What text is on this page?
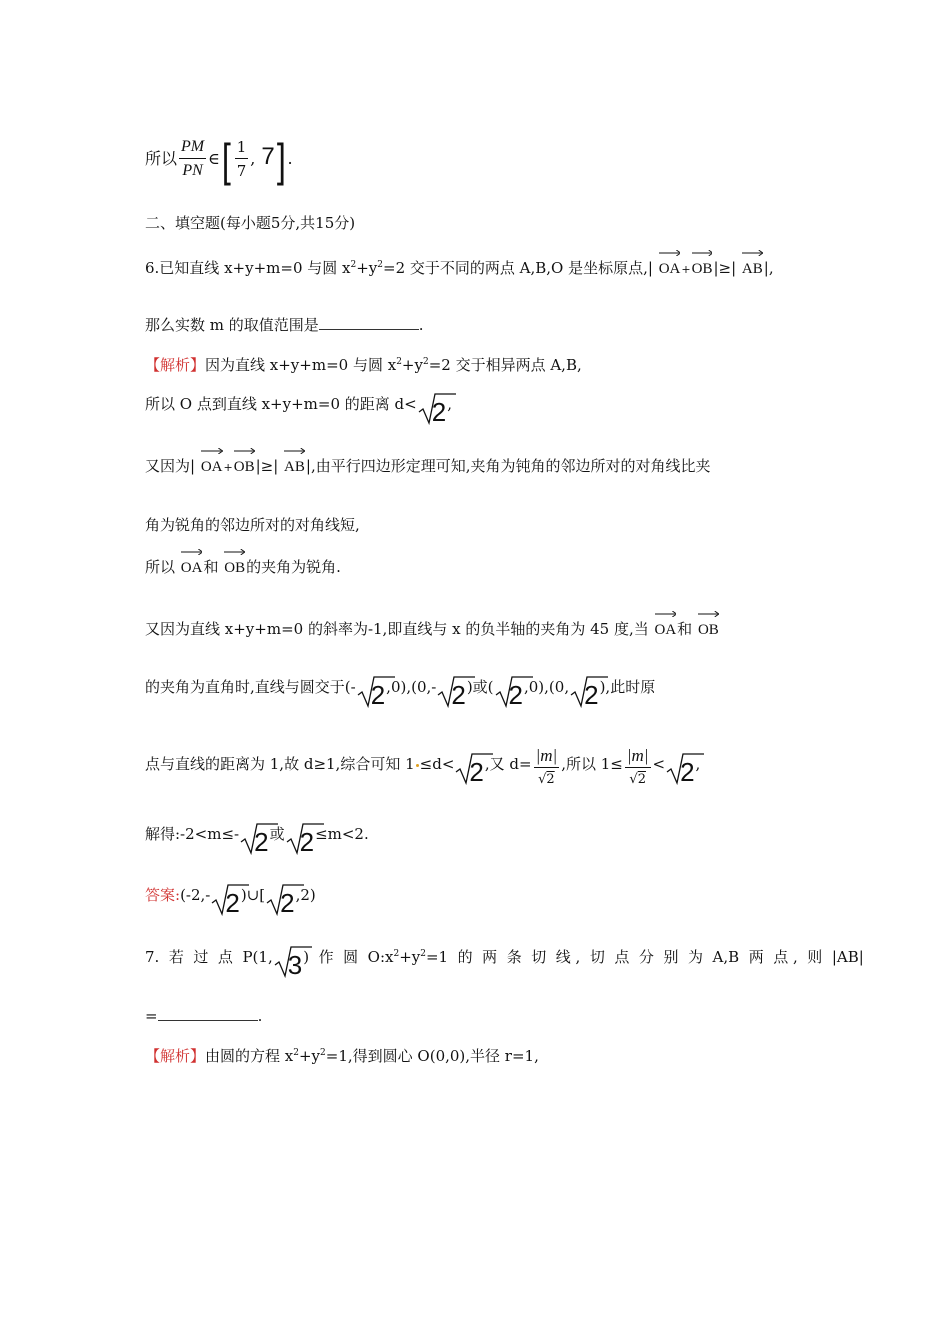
所以 $\frac{PM}{PN}$ ∈[ $\frac{1}{7}$ , 7] .
二、填空题(每小题5分,共15分)
6.已知直线 x+y+m=0 与圆 $x^2+y^2=2$ 交于不同的两点 A,B,O 是坐标原点,| OA+
OB|≥| AB|,
那么实数 m 的取值范围是	.
【解析】因为直线 x+y+m=0 与圆 $x^2+y^2=2$ 交于相异两点 A,B,
所以 O 点到直线 x+y+m=0 的距离 d< 2,
又因为| OA+
OB|≥| AB|,由平行四边形定理可知,夹角为钝角的邻边所对的对角线比夹
角为锐角的邻边所对的对角线短,
所以 OA和 OB的夹角为锐角.
又因为直线 x+y+m=0 的斜率为-1,即直线与 x 的负半轴的夹角为 45 度,当 OA和 OB
的夹角为直角时,直线与圆交于(- 2,0),(0,- 2)或( 2,0),(0, 2),此时原
点与直线的距离为 1,故 d≥1,综合可知 1 ≤d< 2,又 $d= \frac{|m|}{√2}$ ,所以 $1\le \frac{|m|}{√2} < 2$,
解得:-2<m≤- 2或 2≤m<2.
答案:(-2,- 2)∪[ 2,2)
7.  若  过  点  P(1, 3)  作  圆  $O:x^2+y^2=1$  的  两  条  切  线 ,  切  点  分  别  为  A,B  两  点 ,  则  |AB|
=	.
【解析】由圆的方程 $x^2+y^2=1$,得到圆心 O(0,0),半径 r=1,
